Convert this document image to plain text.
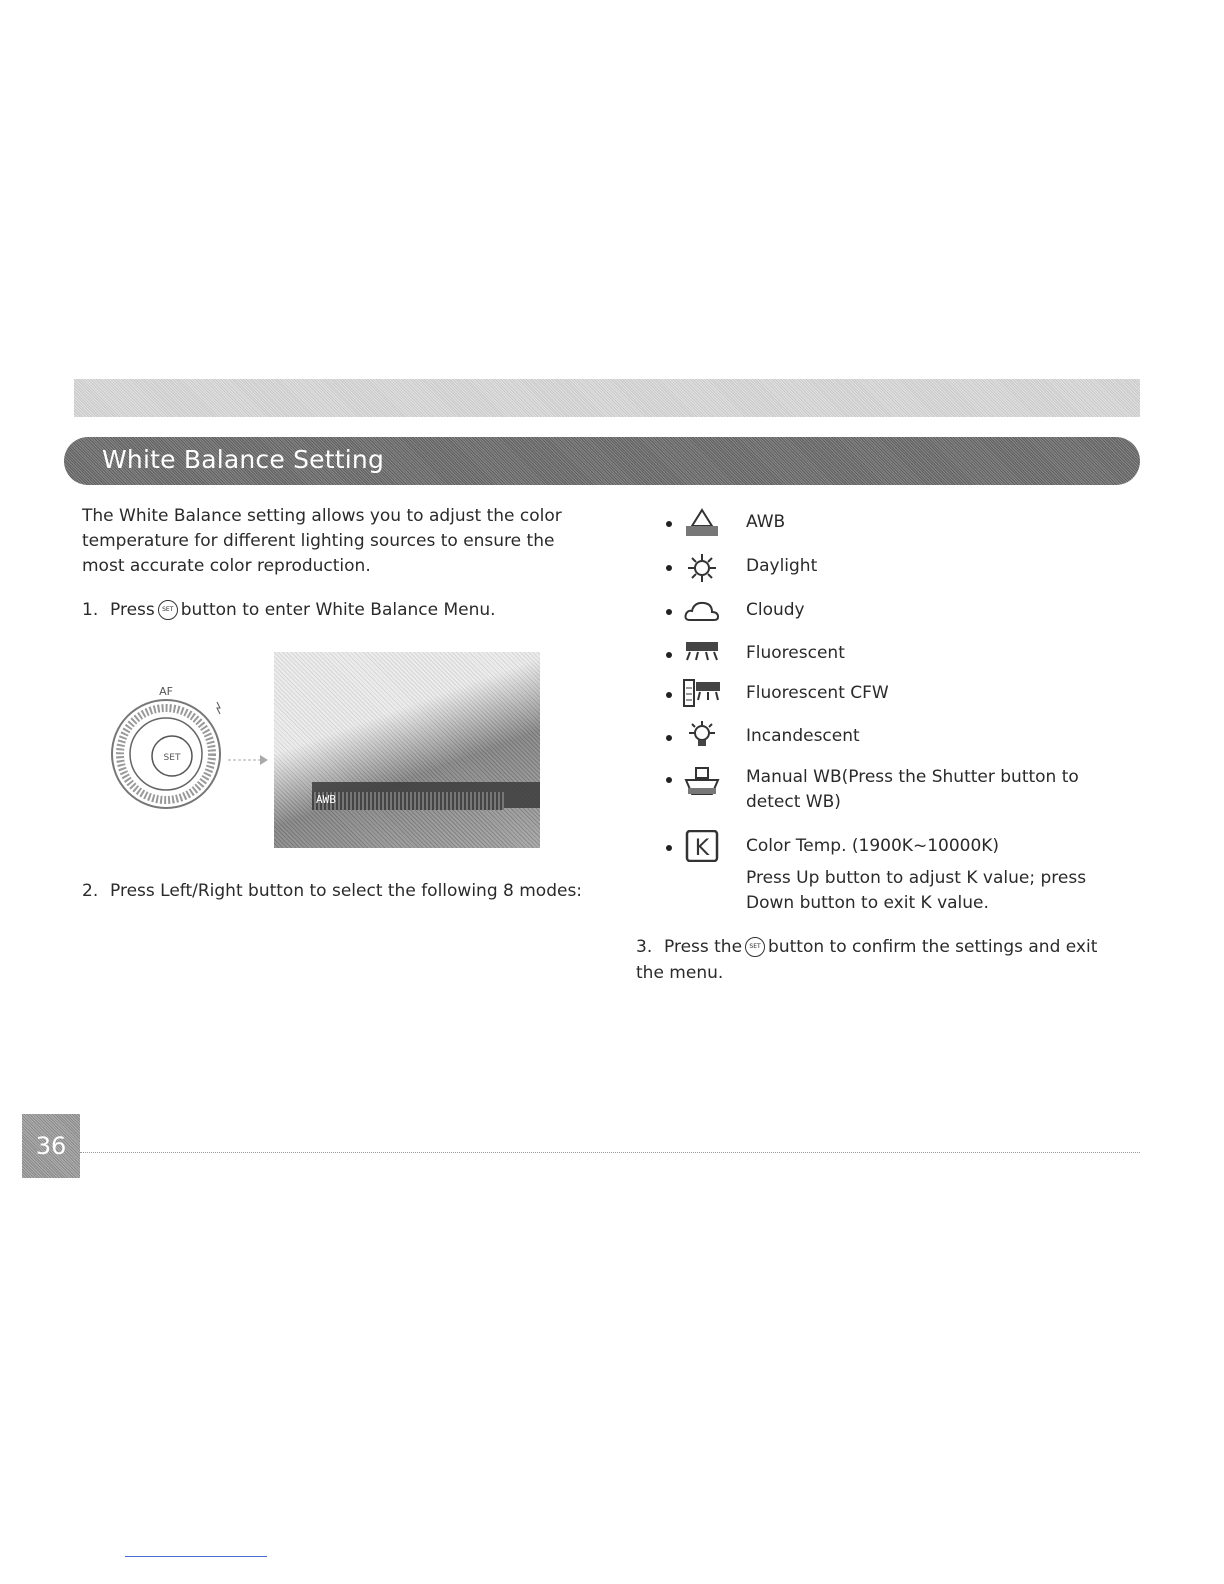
White Balance Setting
The White Balance setting allows you to adjust the color temperature for different lighting sources to ensure the most accurate color reproduction.
1. Press SET button to enter White Balance Menu.
SET
AF
AWB
2. Press Left/Right button to select the following 8 modes:
AWB
Daylight
Cloudy
Fluorescent
Fluorescent CFW
Incandescent
Manual WB(Press the Shutter button to detect WB)
K Color Temp. (1900K~10000K)
Press Up button to adjust K value; press Down button to exit K value.
3. Press the SET button to confirm the settings and exit the menu.
36
